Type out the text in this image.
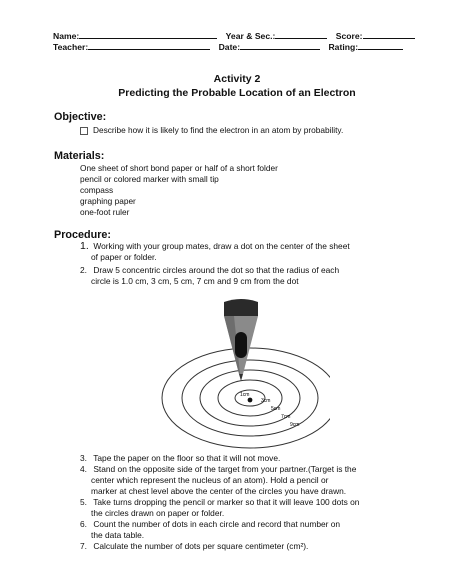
Name:	Year & Sec.:	Score:
Teacher:	Date:	Rating:
Activity 2
Predicting the Probable Location of an Electron
Objective:
Describe how it is likely to find the electron in an atom by probability.
Materials:
One sheet of short bond paper or half of a short folder
pencil or colored marker with small tip
compass
graphing paper
one-foot ruler
Procedure:
1. Working with your group mates, draw a dot on the center of the sheet
of paper or folder.
2. Draw 5 concentric circles around the dot so that the radius of each
circle is 1.0 cm, 3 cm, 5 cm, 7 cm and 9 cm from the dot
1cm
3cm
5cm
7cm
9cm
3. Tape the paper on the floor so that it will not move.
4. Stand on the opposite side of the target from your partner.(Target is the
center which represent the nucleus of an atom). Hold a pencil or
marker at chest level above the center of the circles you have drawn.
5. Take turns dropping the pencil or marker so that it will leave 100 dots on
the circles drawn on paper or folder.
6. Count the number of dots in each circle and record that number on
the data table.
7. Calculate the number of dots per square centimeter (cm²).
